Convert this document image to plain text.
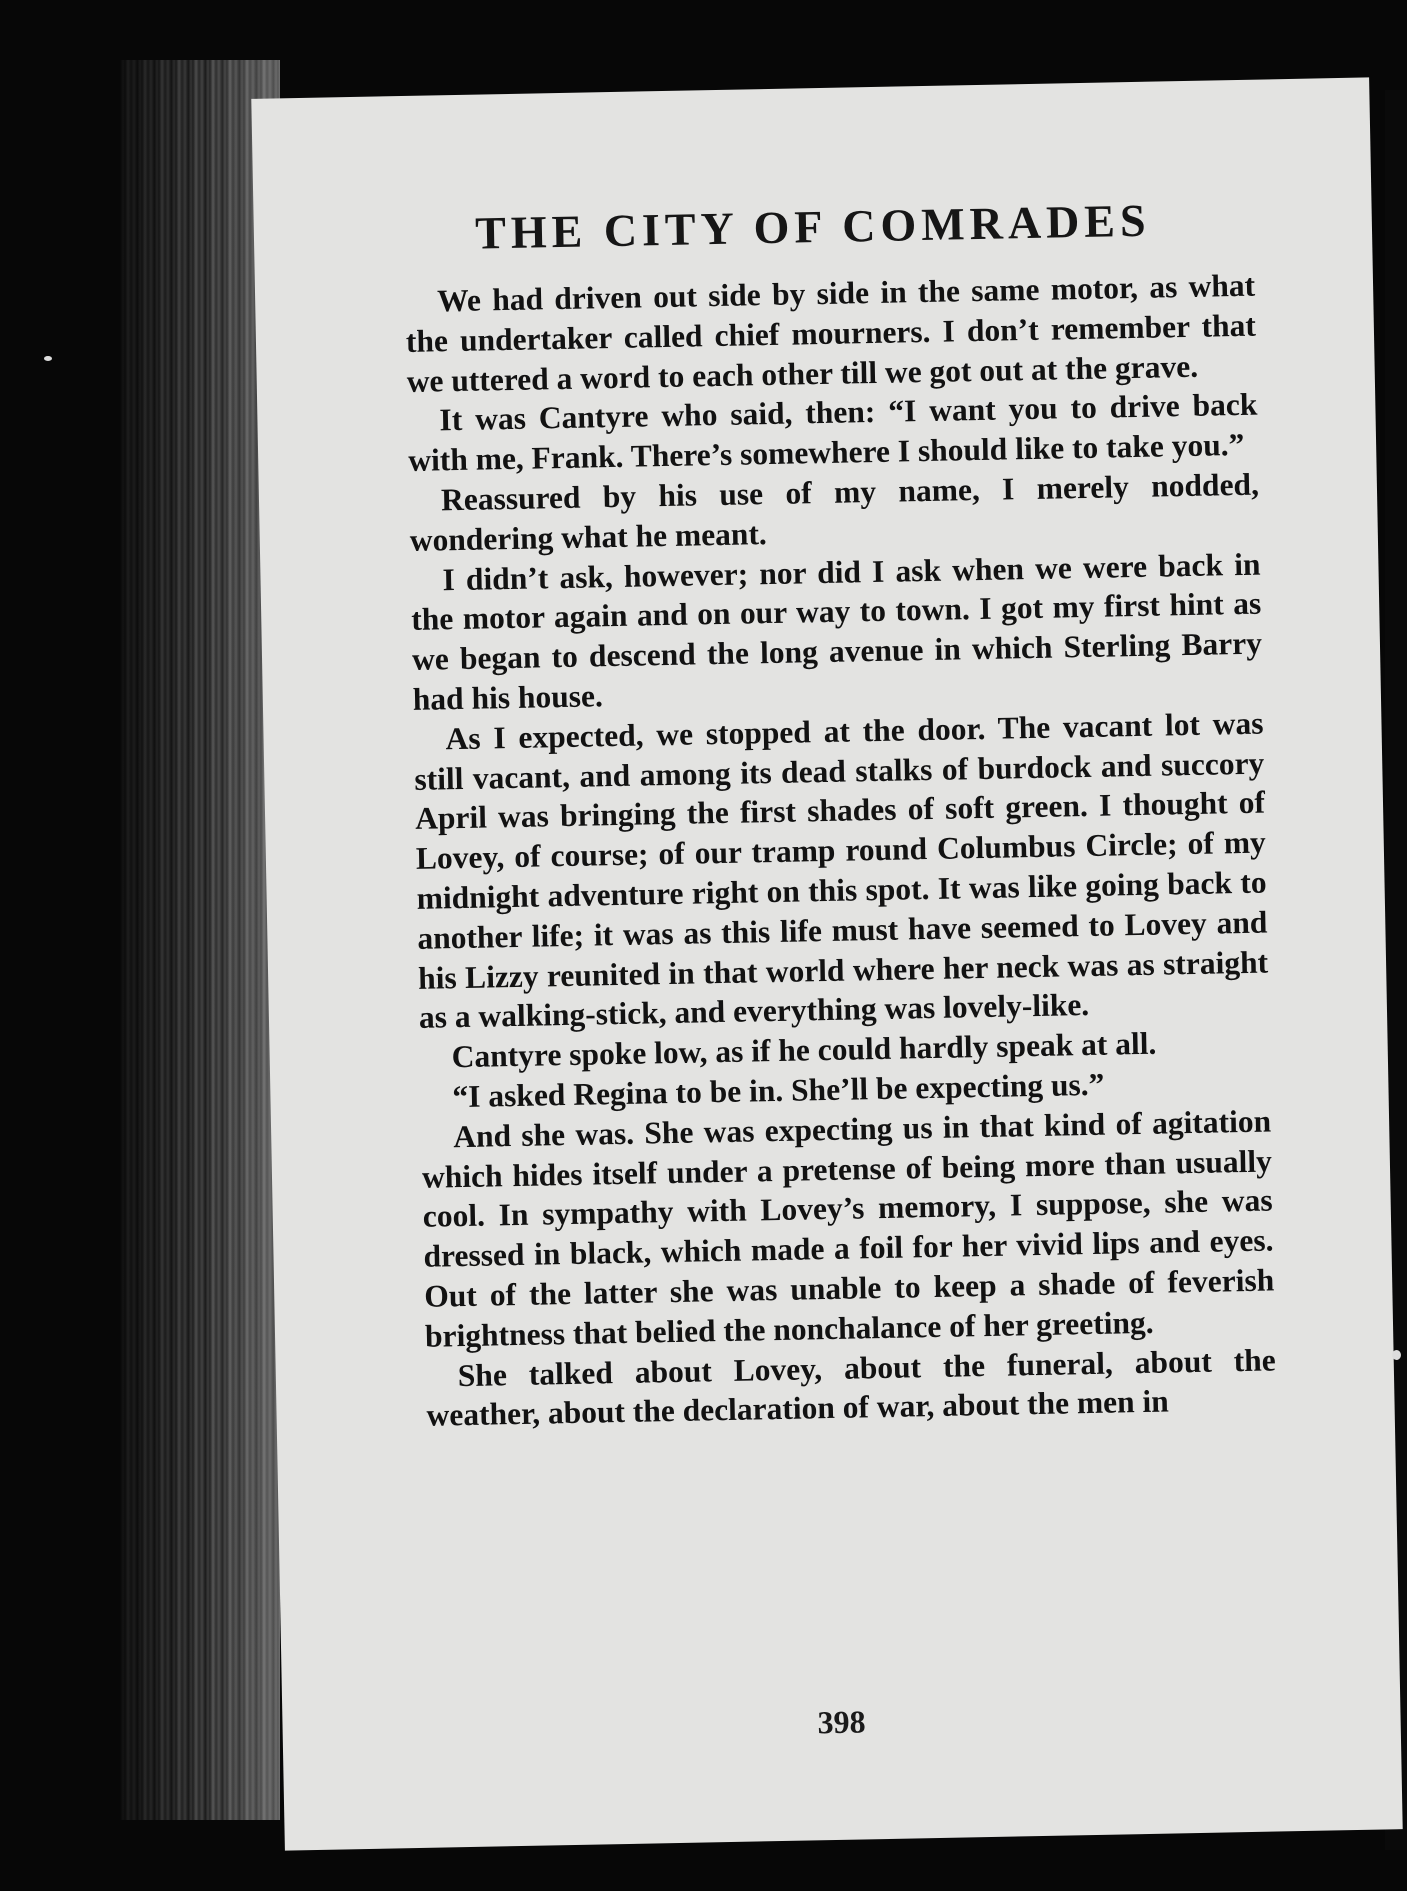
THE CITY OF COMRADES

We had driven out side by side in the same motor, as what the undertaker called chief mourners. I don’t remember that we uttered a word to each other till we got out at the grave.

It was Cantyre who said, then: “I want you to drive back with me, Frank. There’s somewhere I should like to take you.”

Reassured by his use of my name, I merely nodded, wondering what he meant.

I didn’t ask, however; nor did I ask when we were back in the motor again and on our way to town. I got my first hint as we began to descend the long avenue in which Sterling Barry had his house.

As I expected, we stopped at the door. The vacant lot was still vacant, and among its dead stalks of burdock and succory April was bringing the first shades of soft green. I thought of Lovey, of course; of our tramp round Columbus Circle; of my midnight adventure right on this spot. It was like going back to another life; it was as this life must have seemed to Lovey and his Lizzy reunited in that world where her neck was as straight as a walking-stick, and everything was lovely-like.

Cantyre spoke low, as if he could hardly speak at all.

“I asked Regina to be in. She’ll be expecting us.”

And she was. She was expecting us in that kind of agitation which hides itself under a pretense of being more than usually cool. In sympathy with Lovey’s memory, I suppose, she was dressed in black, which made a foil for her vivid lips and eyes. Out of the latter she was unable to keep a shade of feverish brightness that belied the nonchalance of her greeting.

She talked about Lovey, about the funeral, about the weather, about the declaration of war, about the men in

398
